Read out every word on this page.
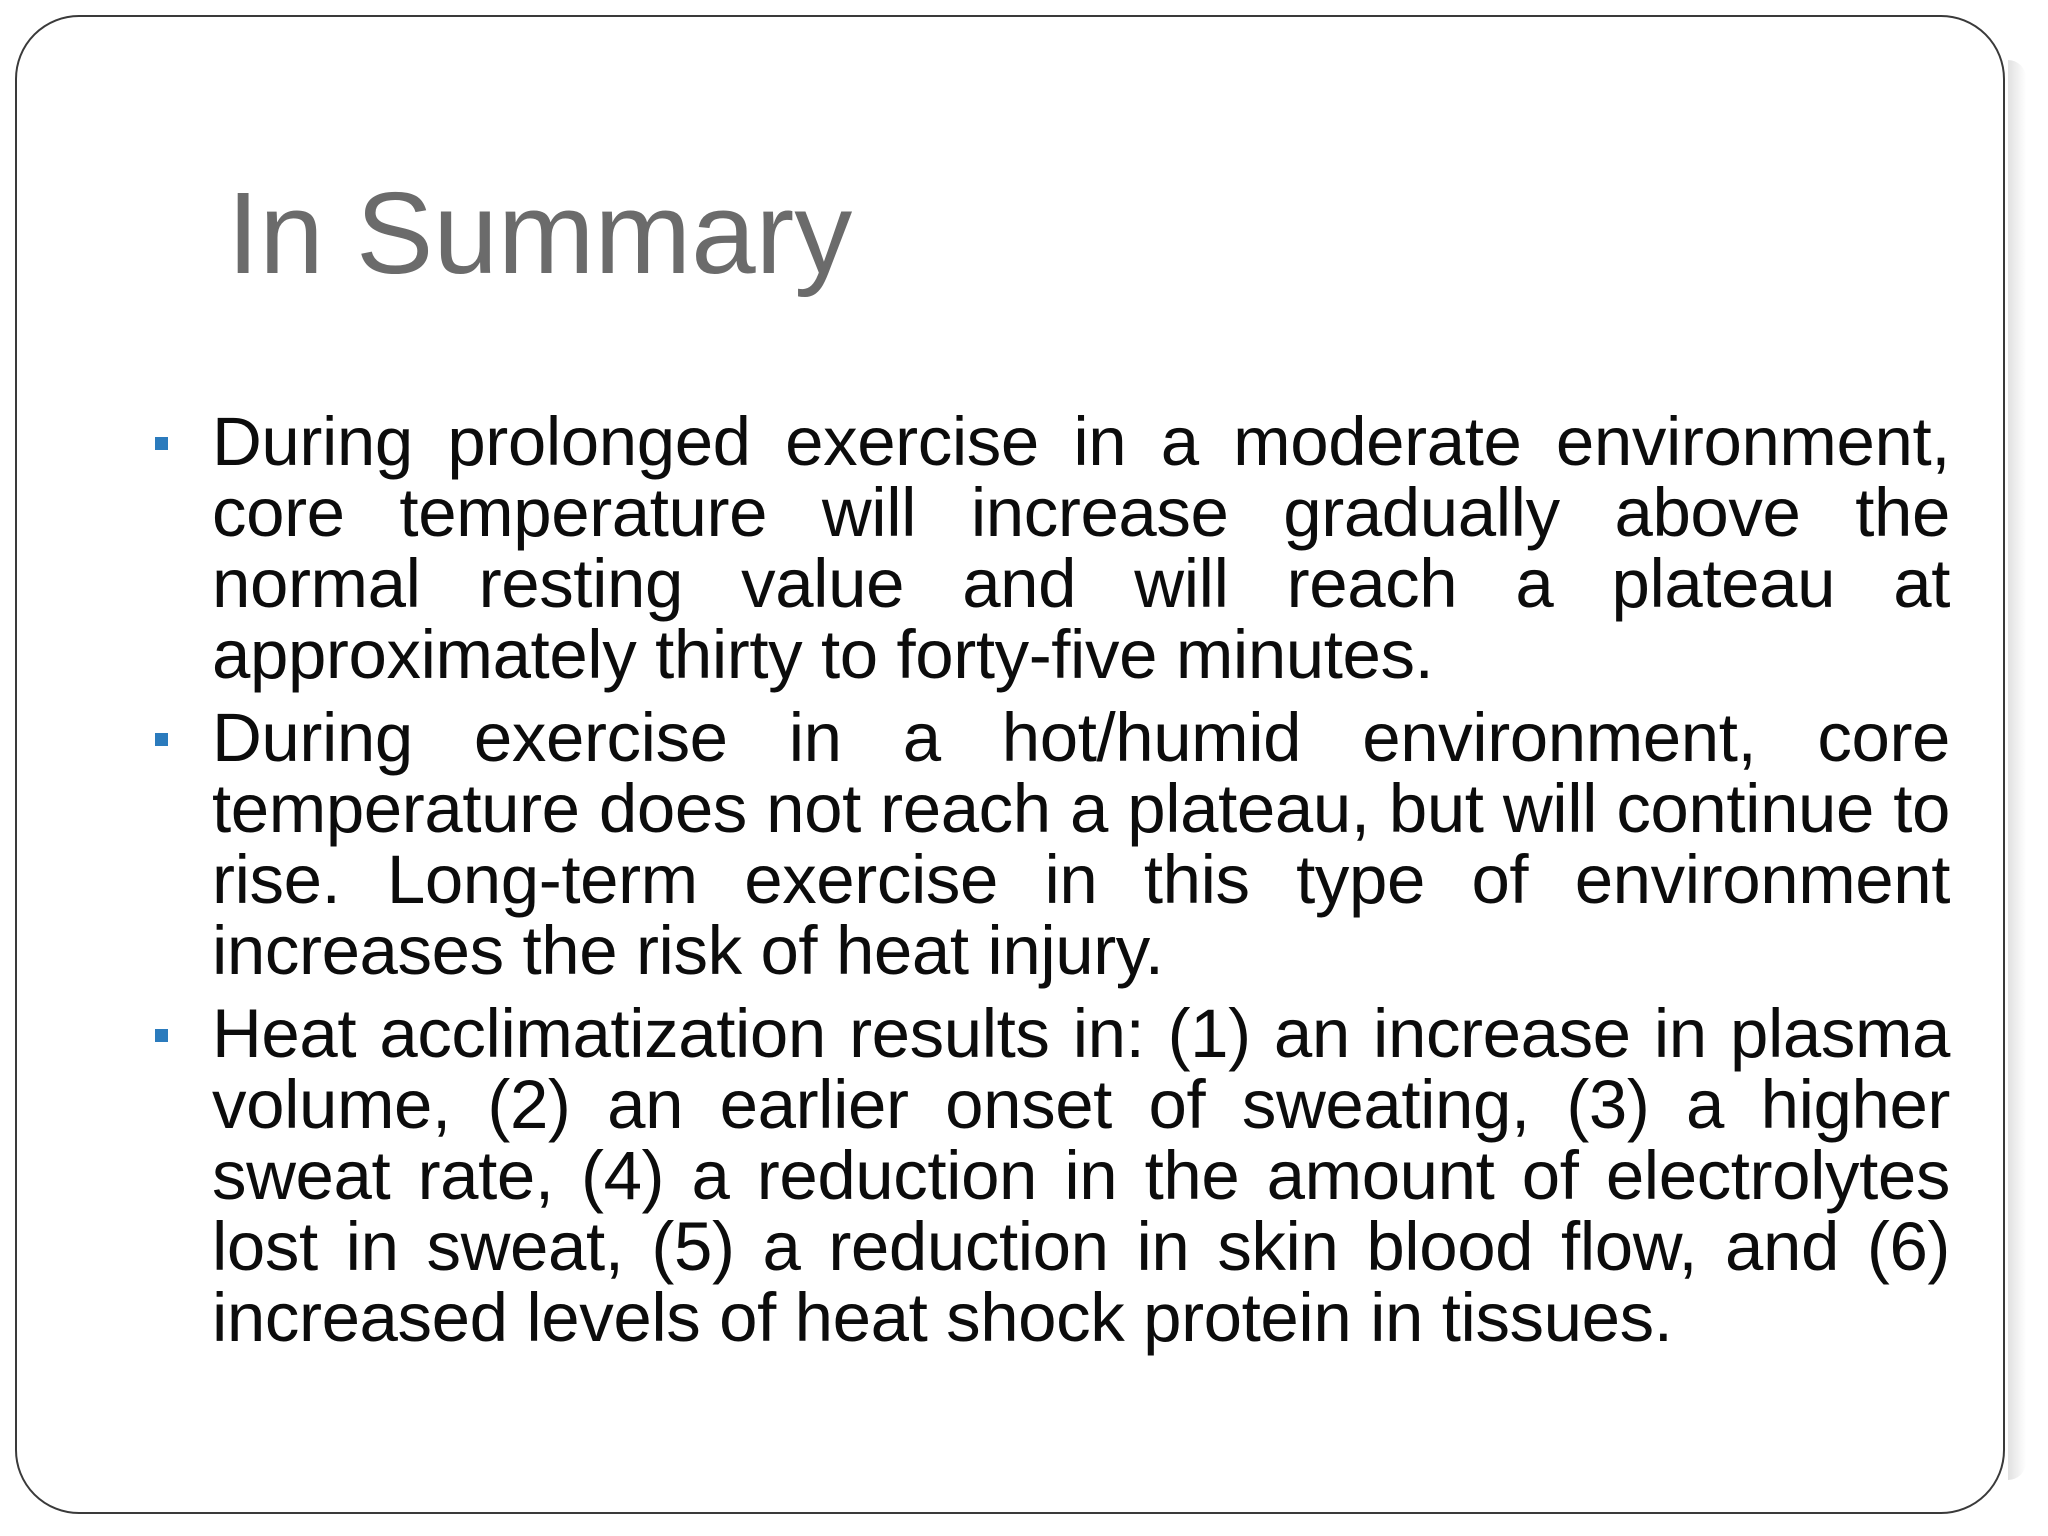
In Summary
During prolonged exercise in a moderate environment, core temperature will increase gradually above the normal resting value and will reach a plateau at approximately thirty to forty-five minutes.
During exercise in a hot/humid environment, core temperature does not reach a plateau, but will continue to rise. Long-term exercise in this type of environment increases the risk of heat injury.
Heat acclimatization results in: (1) an increase in plasma volume, (2) an earlier onset of sweating, (3) a higher sweat rate, (4) a reduction in the amount of electrolytes lost in sweat, (5) a reduction in skin blood flow, and (6) increased levels of heat shock protein in tissues.
